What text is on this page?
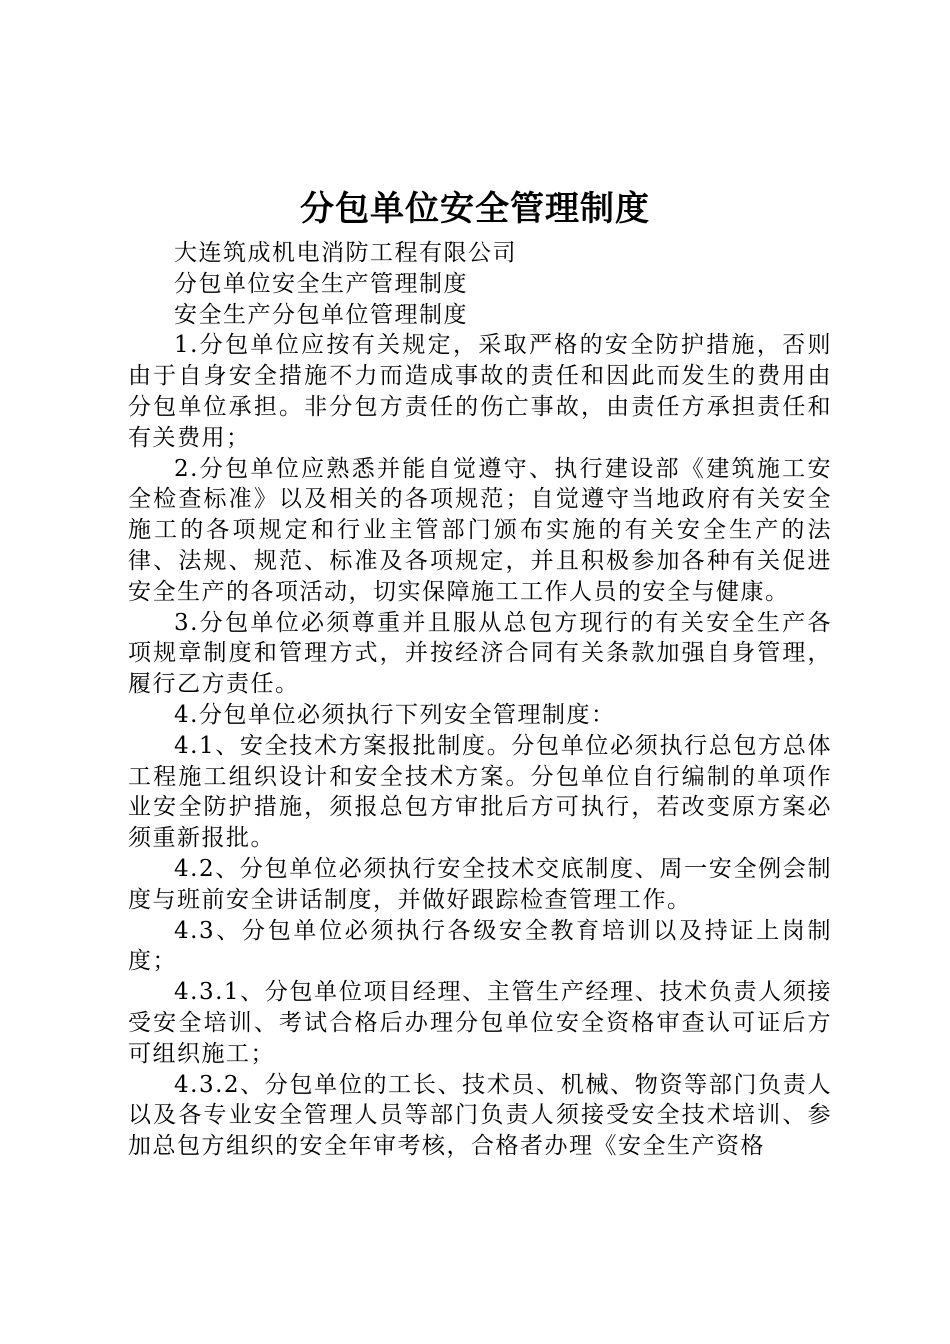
分包单位安全管理制度

大连筑成机电消防工程有限公司

分包单位安全生产管理制度

安全生产分包单位管理制度

1.分包单位应按有关规定，采取严格的安全防护措施，否则由于自身安全措施不力而造成事故的责任和因此而发生的费用由分包单位承担。非分包方责任的伤亡事故，由责任方承担责任和有关费用；

2.分包单位应熟悉并能自觉遵守、执行建设部《建筑施工安全检查标准》以及相关的各项规范；自觉遵守当地政府有关安全施工的各项规定和行业主管部门颁布实施的有关安全生产的法律、法规、规范、标准及各项规定，并且积极参加各种有关促进安全生产的各项活动，切实保障施工工作人员的安全与健康。

3.分包单位必须尊重并且服从总包方现行的有关安全生产各项规章制度和管理方式，并按经济合同有关条款加强自身管理，履行乙方责任。

4.分包单位必须执行下列安全管理制度：

4.1、安全技术方案报批制度。分包单位必须执行总包方总体工程施工组织设计和安全技术方案。分包单位自行编制的单项作业安全防护措施，须报总包方审批后方可执行，若改变原方案必须重新报批。

4.2、分包单位必须执行安全技术交底制度、周一安全例会制度与班前安全讲话制度，并做好跟踪检查管理工作。

4.3、分包单位必须执行各级安全教育培训以及持证上岗制度；

4.3.1、分包单位项目经理、主管生产经理、技术负责人须接受安全培训、考试合格后办理分包单位安全资格审查认可证后方可组织施工；

4.3.2、分包单位的工长、技术员、机械、物资等部门负责人以及各专业安全管理人员等部门负责人须接受安全技术培训、参加总包方组织的安全年审考核，合格者办理《安全生产资格
